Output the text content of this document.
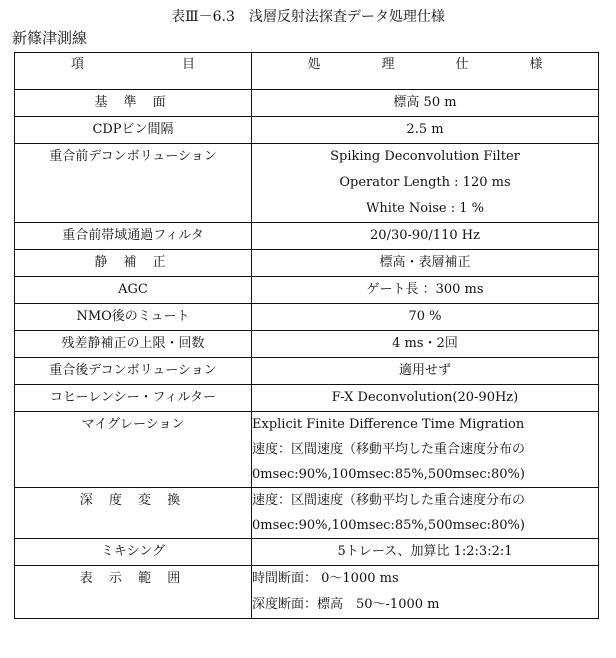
表Ⅲ－6.3　浅層反射法探査データ処理仕様
新篠津測線
項　　目	処　理　仕　様
基 準 面	標高 50 m

CDPビン間隔	2.5 m

重合前デコンボリューション	Spiking Deconvolution Filter
Operator Length : 120 ms
White Noise : 1 %

重合前帯域通過フィルタ	20/30-90/110 Hz

静 補 正	標高・表層補正

AGC	ゲート長 ：300 ms

NMO後のミュート	70 %

残差静補正の上限・回数	4 ms・2回

重合後デコンボリューション	適用せず

コヒーレンシー・フィルター	F-X Deconvolution(20-90Hz)

マイグレーション	Explicit Finite Difference Time Migration
速度：区間速度（移動平均した重合速度分布の
0msec:90%,100msec:85%,500msec:80%)

深 度 変 換	速度：区間速度（移動平均した重合速度分布の
0msec:90%,100msec:85%,500msec:80%)

ミキシング	5トレース、加算比 1:2:3:2:1

表 示 範 囲	時間断面： 0～1000 ms
深度断面：標高　50～-1000 m
